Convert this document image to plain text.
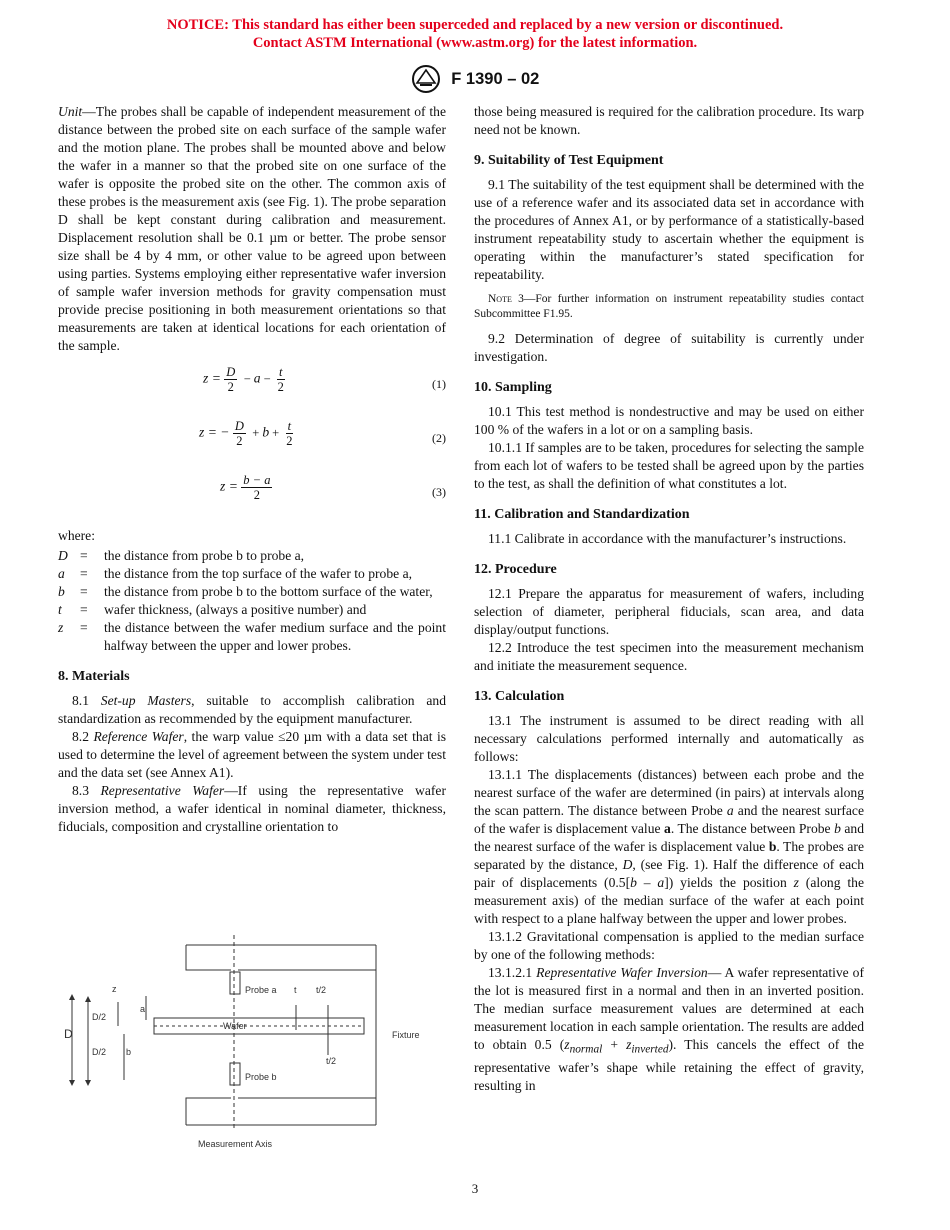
NOTICE: This standard has either been superceded and replaced by a new version or discontinued.
Contact ASTM International (www.astm.org) for the latest information.
F 1390 – 02

Unit—The probes shall be capable of independent measurement of the distance between the probed site on each surface of the sample wafer and the motion plane. The probes shall be mounted above and below the wafer in a manner so that the probed site on one surface of the wafer is opposite the probed site on the other. The common axis of these probes is the measurement axis (see Fig. 1). The probe separation D shall be kept constant during calibration and measurement. Displacement resolution shall be 0.1 µm or better. The probe sensor size shall be 4 by 4 mm, or other value to be agreed upon between using parties. Systems employing either representative wafer inversion of sample wafer inversion methods for gravity compensation must provide precise positioning in both measurement orientations so that measurements are taken at identical locations for each orientation of the sample.

$z = \frac{D}{2} - a - \frac{t}{2}$	(1)
z = − $\frac{D}{2} + b + \frac{t}{2}$	(2)
$z = \frac{b - a}{2}$	(3)
where:
D =	the distance from probe b to probe a,
a	=	the distance from the top surface of the wafer to probe a,
b	=	the distance from probe b to the bottom surface of the water,
t	=	wafer thickness, (always a positive number) and
z	=	the distance between the wafer medium surface and the point halfway between the upper and lower probes.
8. Materials

8.1 Set-up Masters, suitable to accomplish calibration and standardization as recommended by the equipment manufacturer.

8.2 Reference Wafer, the warp value ≤20 µm with a data set that is used to determine the level of agreement between the system under test and the data set (see Annex A1).

8.3 Representative Wafer—If using the representative wafer inversion method, a wafer identical in nominal diameter, thickness, fiducials, composition and crystalline orientation to

z
a
D/2
D
D/2 b
Probe a t t/2
Wafer
Fixture
t/2
Probe b
Measurement Axis

those being measured is required for the calibration procedure. Its warp need not be known.

9. Suitability of Test Equipment

9.1 The suitability of the test equipment shall be determined with the use of a reference wafer and its associated data set in accordance with the procedures of Annex A1, or by performance of a statistically-based instrument repeatability study to ascertain whether the equipment is operating within the manufacturer’s stated specification for repeatability.

Note 3—For further information on instrument repeatability studies contact Subcommittee F1.95.

9.2 Determination of degree of suitability is currently under investigation.

10. Sampling

10.1 This test method is nondestructive and may be used on either 100 % of the wafers in a lot or on a sampling basis.

10.1.1 If samples are to be taken, procedures for selecting the sample from each lot of wafers to be tested shall be agreed upon by the parties to the test, as shall the definition of what constitutes a lot.

11. Calibration and Standardization

11.1 Calibrate in accordance with the manufacturer’s instructions.

12. Procedure

12.1 Prepare the apparatus for measurement of wafers, including selection of diameter, peripheral fiducials, scan area, and data display/output functions.

12.2 Introduce the test specimen into the measurement mechanism and initiate the measurement sequence.

13. Calculation

13.1 The instrument is assumed to be direct reading with all necessary calculations performed internally and automatically as follows:

13.1.1 The displacements (distances) between each probe and the nearest surface of the wafer are determined (in pairs) at intervals along the scan pattern. The distance between Probe a and the nearest surface of the wafer is displacement value a. The distance between Probe b and the nearest surface of the wafer is displacement value b. The probes are separated by the distance, D, (see Fig. 1). Half the difference of each pair of displacements (0.5[b – a]) yields the position z (along the measurement axis) of the median surface of the wafer at each point with respect to a plane halfway between the upper and lower probes.

13.1.2 Gravitational compensation is applied to the median surface by one of the following methods:

13.1.2.1 Representative Wafer Inversion— A wafer representative of the lot is measured first in a normal and then in an inverted position. The median surface measurement values are determined at each measurement location in each sample orientation. The results are added to obtain 0.5 $(z_{normal} + z_{inverted})$. This cancels the effect of the representative wafer’s shape while retaining the effect of gravity, resulting in

3
